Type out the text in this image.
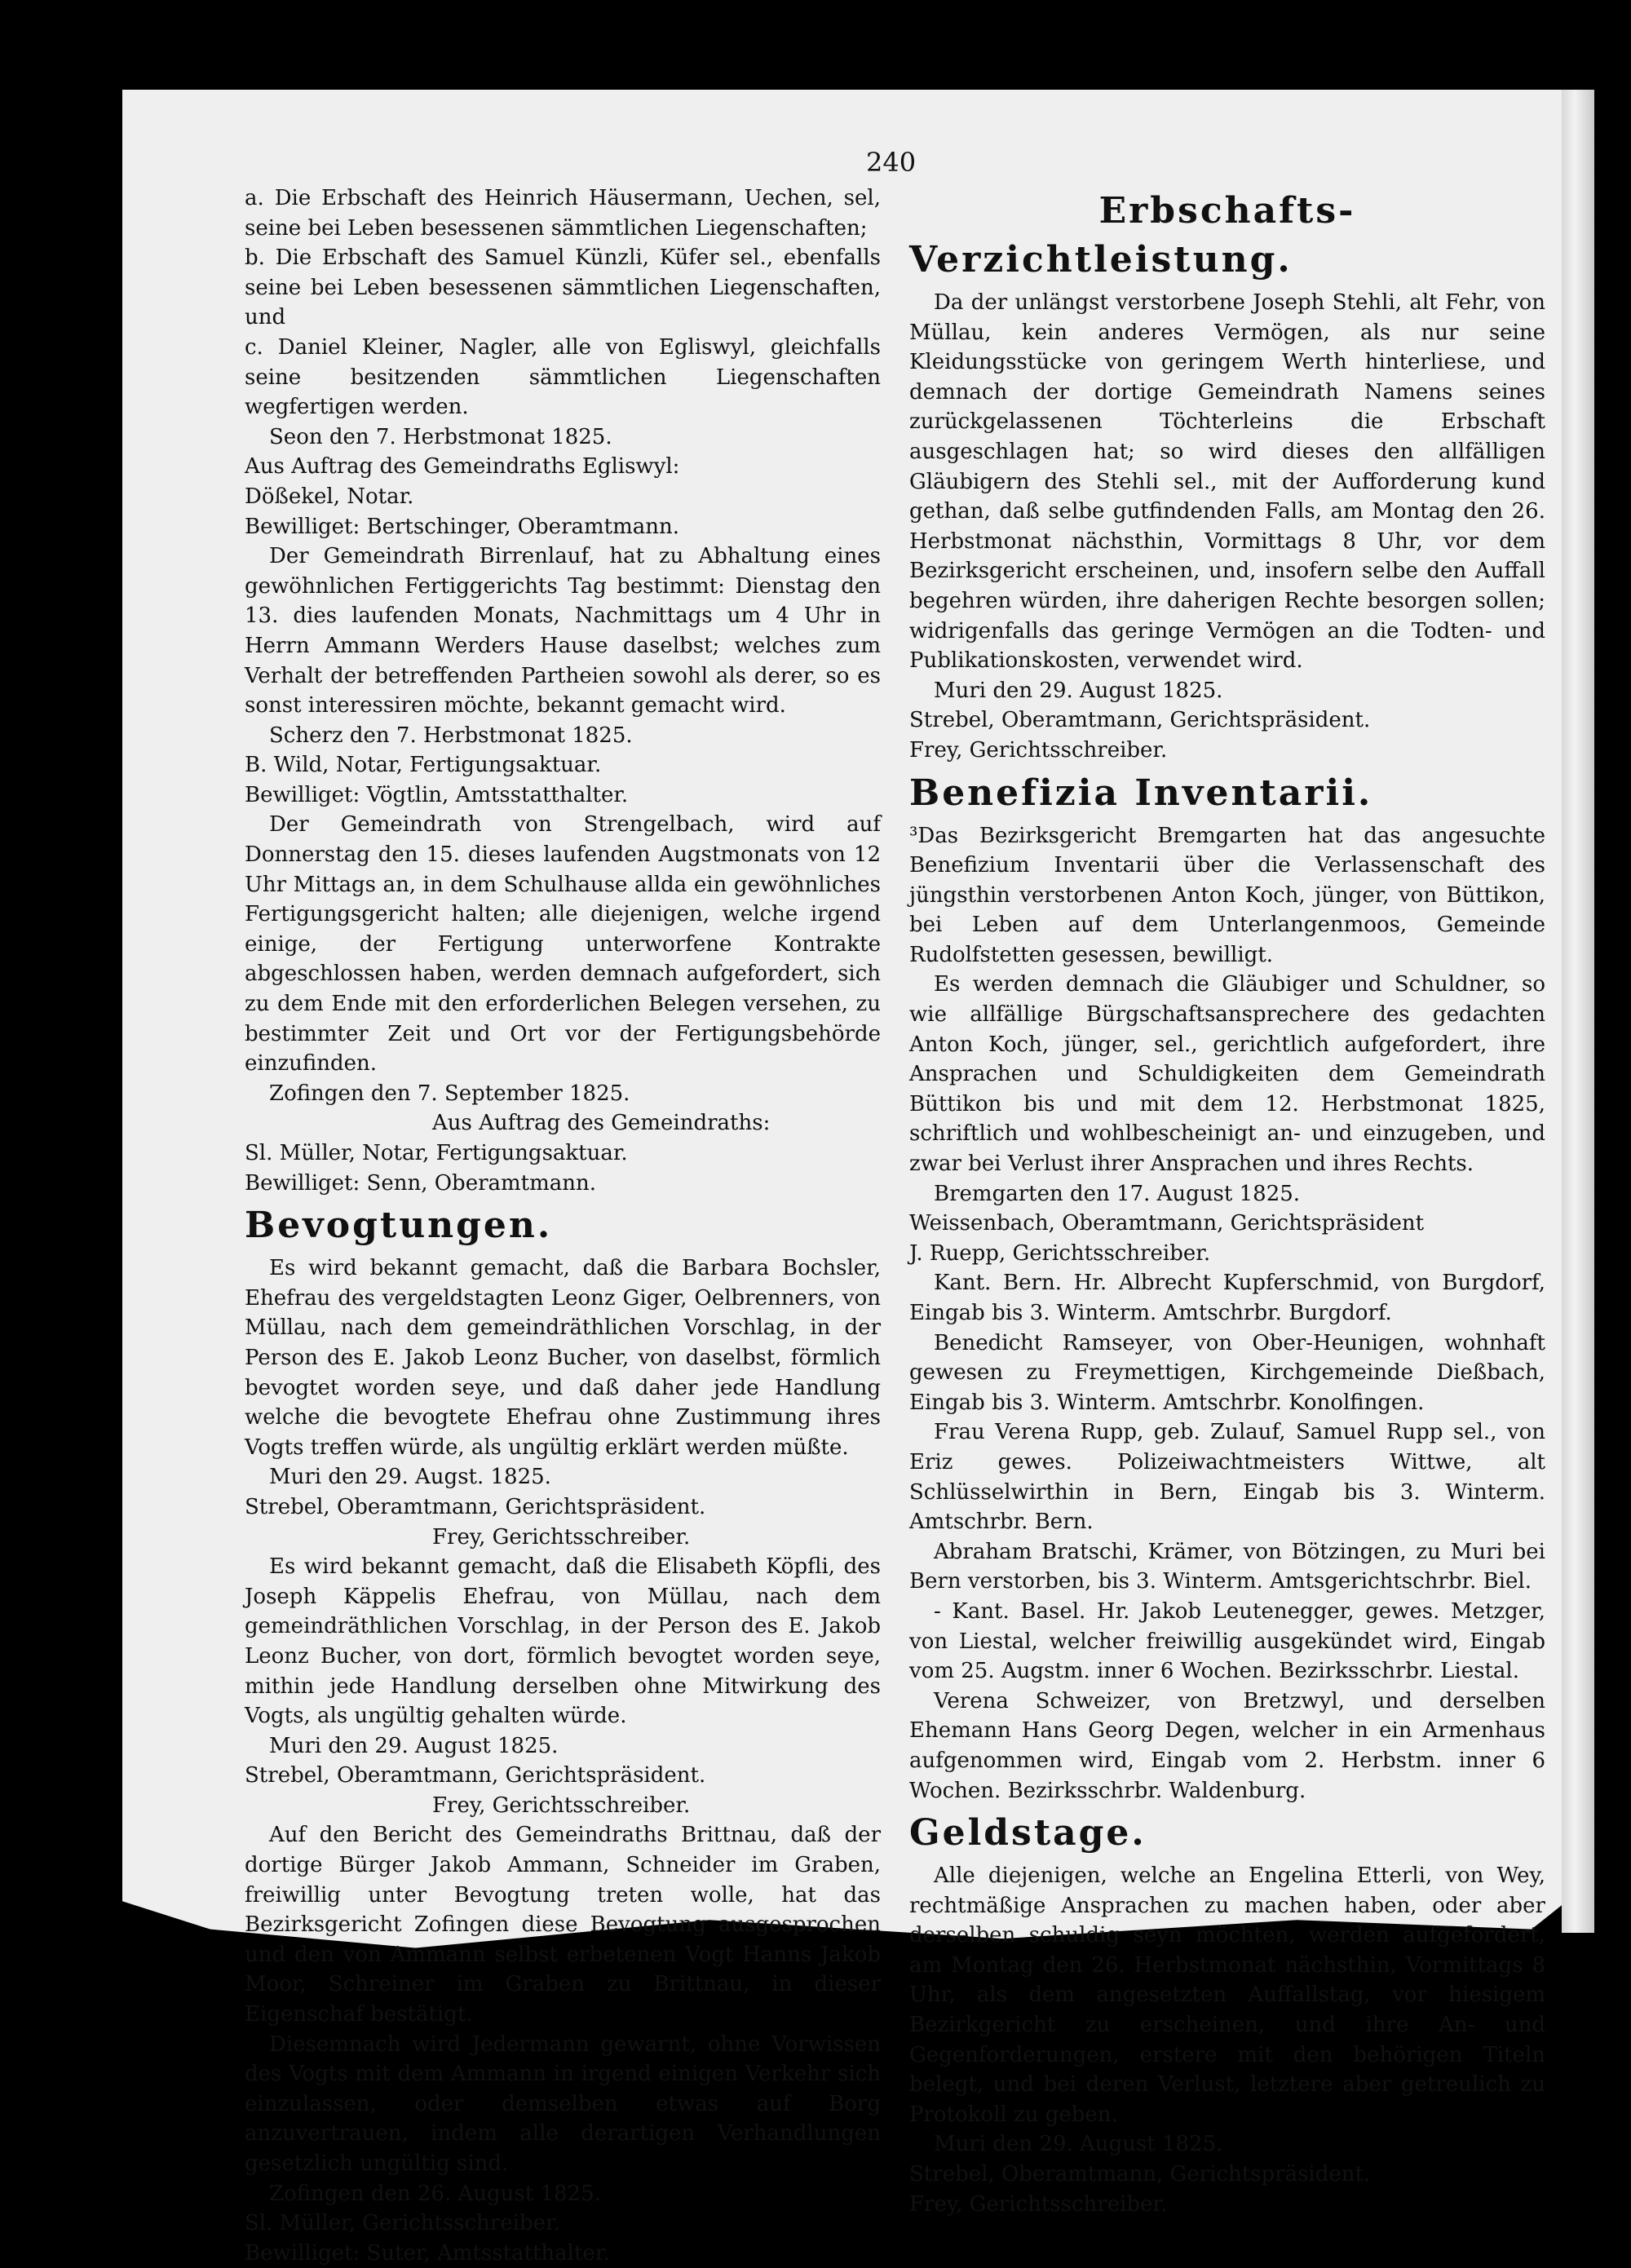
240

a. Die Erbschaft des Heinrich Häusermann, Uechen, sel, seine bei Leben besessenen sämmtlichen Liegenschaften;

b. Die Erbschaft des Samuel Künzli, Küfer sel., ebenfalls seine bei Leben besessenen sämmtlichen Liegenschaften, und

c. Daniel Kleiner, Nagler, alle von Egliswyl, gleichfalls seine besitzenden sämmtlichen Liegenschaften wegfertigen werden.

Seon den 7. Herbstmonat 1825.

Aus Auftrag des Gemeindraths Egliswyl:

Dößekel, Notar.

Bewilliget: Bertschinger, Oberamtmann.

Der Gemeindrath Birrenlauf, hat zu Abhaltung eines gewöhnlichen Fertiggerichts Tag bestimmt: Dienstag den 13. dies laufenden Monats, Nachmittags um 4 Uhr in Herrn Ammann Werders Hause daselbst; welches zum Verhalt der betreffenden Partheien sowohl als derer, so es sonst interessiren möchte, bekannt gemacht wird.

Scherz den 7. Herbstmonat 1825.

B. Wild, Notar, Fertigungsaktuar.

Bewilliget: Vögtlin, Amtsstatthalter.

Der Gemeindrath von Strengelbach, wird auf Donnerstag den 15. dieses laufenden Augstmonats von 12 Uhr Mittags an, in dem Schulhause allda ein gewöhnliches Fertigungsgericht halten; alle diejenigen, welche irgend einige, der Fertigung unterworfene Kontrakte abgeschlossen haben, werden demnach aufgefordert, sich zu dem Ende mit den erforderlichen Belegen versehen, zu bestimmter Zeit und Ort vor der Fertigungsbehörde einzufinden.

Zofingen den 7. September 1825.

Aus Auftrag des Gemeindraths:

Sl. Müller, Notar, Fertigungsaktuar.

Bewilliget: Senn, Oberamtmann.

Bevogtungen.

Es wird bekannt gemacht, daß die Barbara Bochsler, Ehefrau des vergeldstagten Leonz Giger, Oelbrenners, von Müllau, nach dem gemeindräthlichen Vorschlag, in der Person des E. Jakob Leonz Bucher, von daselbst, förmlich bevogtet worden seye, und daß daher jede Handlung welche die bevogtete Ehefrau ohne Zustimmung ihres Vogts treffen würde, als ungültig erklärt werden müßte.

Muri den 29. Augst. 1825.

Strebel, Oberamtmann, Gerichtspräsident.

Frey, Gerichtsschreiber.

Es wird bekannt gemacht, daß die Elisabeth Köpfli, des Joseph Käppelis Ehefrau, von Müllau, nach dem gemeindräthlichen Vorschlag, in der Person des E. Jakob Leonz Bucher, von dort, förmlich bevogtet worden seye, mithin jede Handlung derselben ohne Mitwirkung des Vogts, als ungültig gehalten würde.

Muri den 29. August 1825.

Strebel, Oberamtmann, Gerichtspräsident.

Frey, Gerichtsschreiber.

Auf den Bericht des Gemeindraths Brittnau, daß der dortige Bürger Jakob Ammann, Schneider im Graben, freiwillig unter Bevogtung treten wolle, hat das Bezirksgericht Zofingen diese Bevogtung ausgesprochen und den von Ammann selbst erbetenen Vogt Hanns Jakob Moor, Schreiner im Graben zu Brittnau, in dieser Eigenschaf bestätigt.

Diesemnach wird Jedermann gewarnt, ohne Vorwissen des Vogts mit dem Ammann in irgend einigen Verkehr sich einzulassen, oder demselben etwas auf Borg anzuvertrauen, indem alle derartigen Verhandlungen gesetzlich ungültig sind.

Zofingen den 26. August 1825.

Sl. Müller, Gerichtsschreiber.

Bewilliget: Suter, Amtsstatthalter.

Erbschafts-Verzichtleistung.

Da der unlängst verstorbene Joseph Stehli, alt Fehr, von Müllau, kein anderes Vermögen, als nur seine Kleidungsstücke von geringem Werth hinterliese, und demnach der dortige Gemeindrath Namens seines zurückgelassenen Töchterleins die Erbschaft ausgeschlagen hat; so wird dieses den allfälligen Gläubigern des Stehli sel., mit der Aufforderung kund gethan, daß selbe gutfindenden Falls, am Montag den 26. Herbstmonat nächsthin, Vormittags 8 Uhr, vor dem Bezirksgericht erscheinen, und, insofern selbe den Auffall begehren würden, ihre daherigen Rechte besorgen sollen; widrigenfalls das geringe Vermögen an die Todten- und Publikationskosten, verwendet wird.

Muri den 29. August 1825.

Strebel, Oberamtmann, Gerichtspräsident.

Frey, Gerichtsschreiber.

Benefizia Inventarii.

³Das Bezirksgericht Bremgarten hat das angesuchte Benefizium Inventarii über die Verlassenschaft des jüngsthin verstorbenen Anton Koch, jünger, von Büttikon, bei Leben auf dem Unterlangenmoos, Gemeinde Rudolfstetten gesessen, bewilligt.

Es werden demnach die Gläubiger und Schuldner, so wie allfällige Bürgschaftsansprechere des gedachten Anton Koch, jünger, sel., gerichtlich aufgefordert, ihre Ansprachen und Schuldigkeiten dem Gemeindrath Büttikon bis und mit dem 12. Herbstmonat 1825, schriftlich und wohlbescheinigt an- und einzugeben, und zwar bei Verlust ihrer Ansprachen und ihres Rechts.

Bremgarten den 17. August 1825.

Weissenbach, Oberamtmann, Gerichtspräsident

J. Ruepp, Gerichtsschreiber.

Kant. Bern. Hr. Albrecht Kupferschmid, von Burgdorf, Eingab bis 3. Winterm. Amtschrbr. Burgdorf.

Benedicht Ramseyer, von Ober-Heunigen, wohnhaft gewesen zu Freymettigen, Kirchgemeinde Dießbach, Eingab bis 3. Winterm. Amtschrbr. Konolfingen.

Frau Verena Rupp, geb. Zulauf, Samuel Rupp sel., von Eriz gewes. Polizeiwachtmeisters Wittwe, alt Schlüsselwirthin in Bern, Eingab bis 3. Winterm. Amtschrbr. Bern.

Abraham Bratschi, Krämer, von Bötzingen, zu Muri bei Bern verstorben, bis 3. Winterm. Amtsgerichtschrbr. Biel.

- Kant. Basel. Hr. Jakob Leutenegger, gewes. Metzger, von Liestal, welcher freiwillig ausgekündet wird, Eingab vom 25. Augstm. inner 6 Wochen. Bezirksschrbr. Liestal.

Verena Schweizer, von Bretzwyl, und derselben Ehemann Hans Georg Degen, welcher in ein Armenhaus aufgenommen wird, Eingab vom 2. Herbstm. inner 6 Wochen. Bezirksschrbr. Waldenburg.

Geldstage.

Alle diejenigen, welche an Engelina Etterli, von Wey, rechtmäßige Ansprachen zu machen haben, oder aber derselben schuldig seyn möchten, werden aufgefordert, am Montag den 26. Herbstmonat nächsthin, Vormittags 8 Uhr, als dem angesetzten Auffallstag, vor hiesigem Bezirkgericht zu erscheinen, und ihre An- und Gegenforderungen, erstere mit den behörigen Titeln belegt, und bei deren Verlust, letztere aber getreulich zu Protokoll zu geben.

Muri den 29. August 1825.

Strebel, Oberamtmann, Gerichtspräsident.

Frey, Gerichtsschreiber.
